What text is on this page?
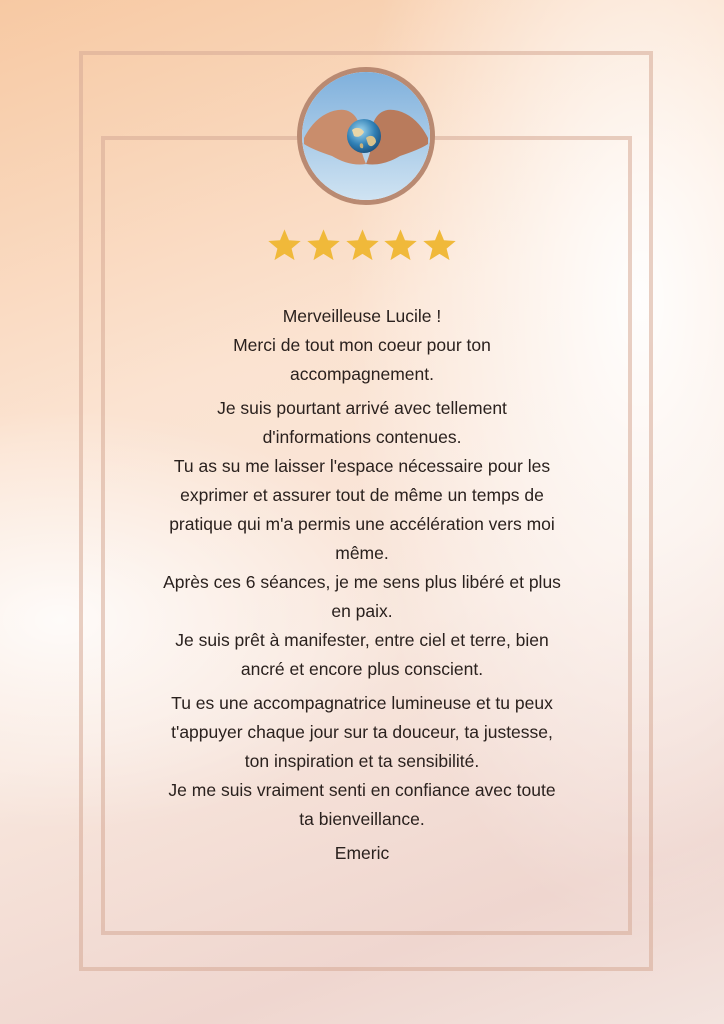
Merveilleuse Lucile !
Merci de tout mon coeur pour ton
accompagnement.

Je suis pourtant arrivé avec tellement
d'informations contenues.
Tu as su me laisser l'espace nécessaire pour les
exprimer et assurer tout de même un temps de
pratique qui m'a permis une accélération vers moi
même.
Après ces 6 séances, je me sens plus libéré et plus
en paix.
Je suis prêt à manifester, entre ciel et terre, bien
ancré et encore plus conscient.

Tu es une accompagnatrice lumineuse et tu peux
t'appuyer chaque jour sur ta douceur, ta justesse,
ton inspiration et ta sensibilité.
Je me suis vraiment senti en confiance avec toute
ta bienveillance.

Emeric
